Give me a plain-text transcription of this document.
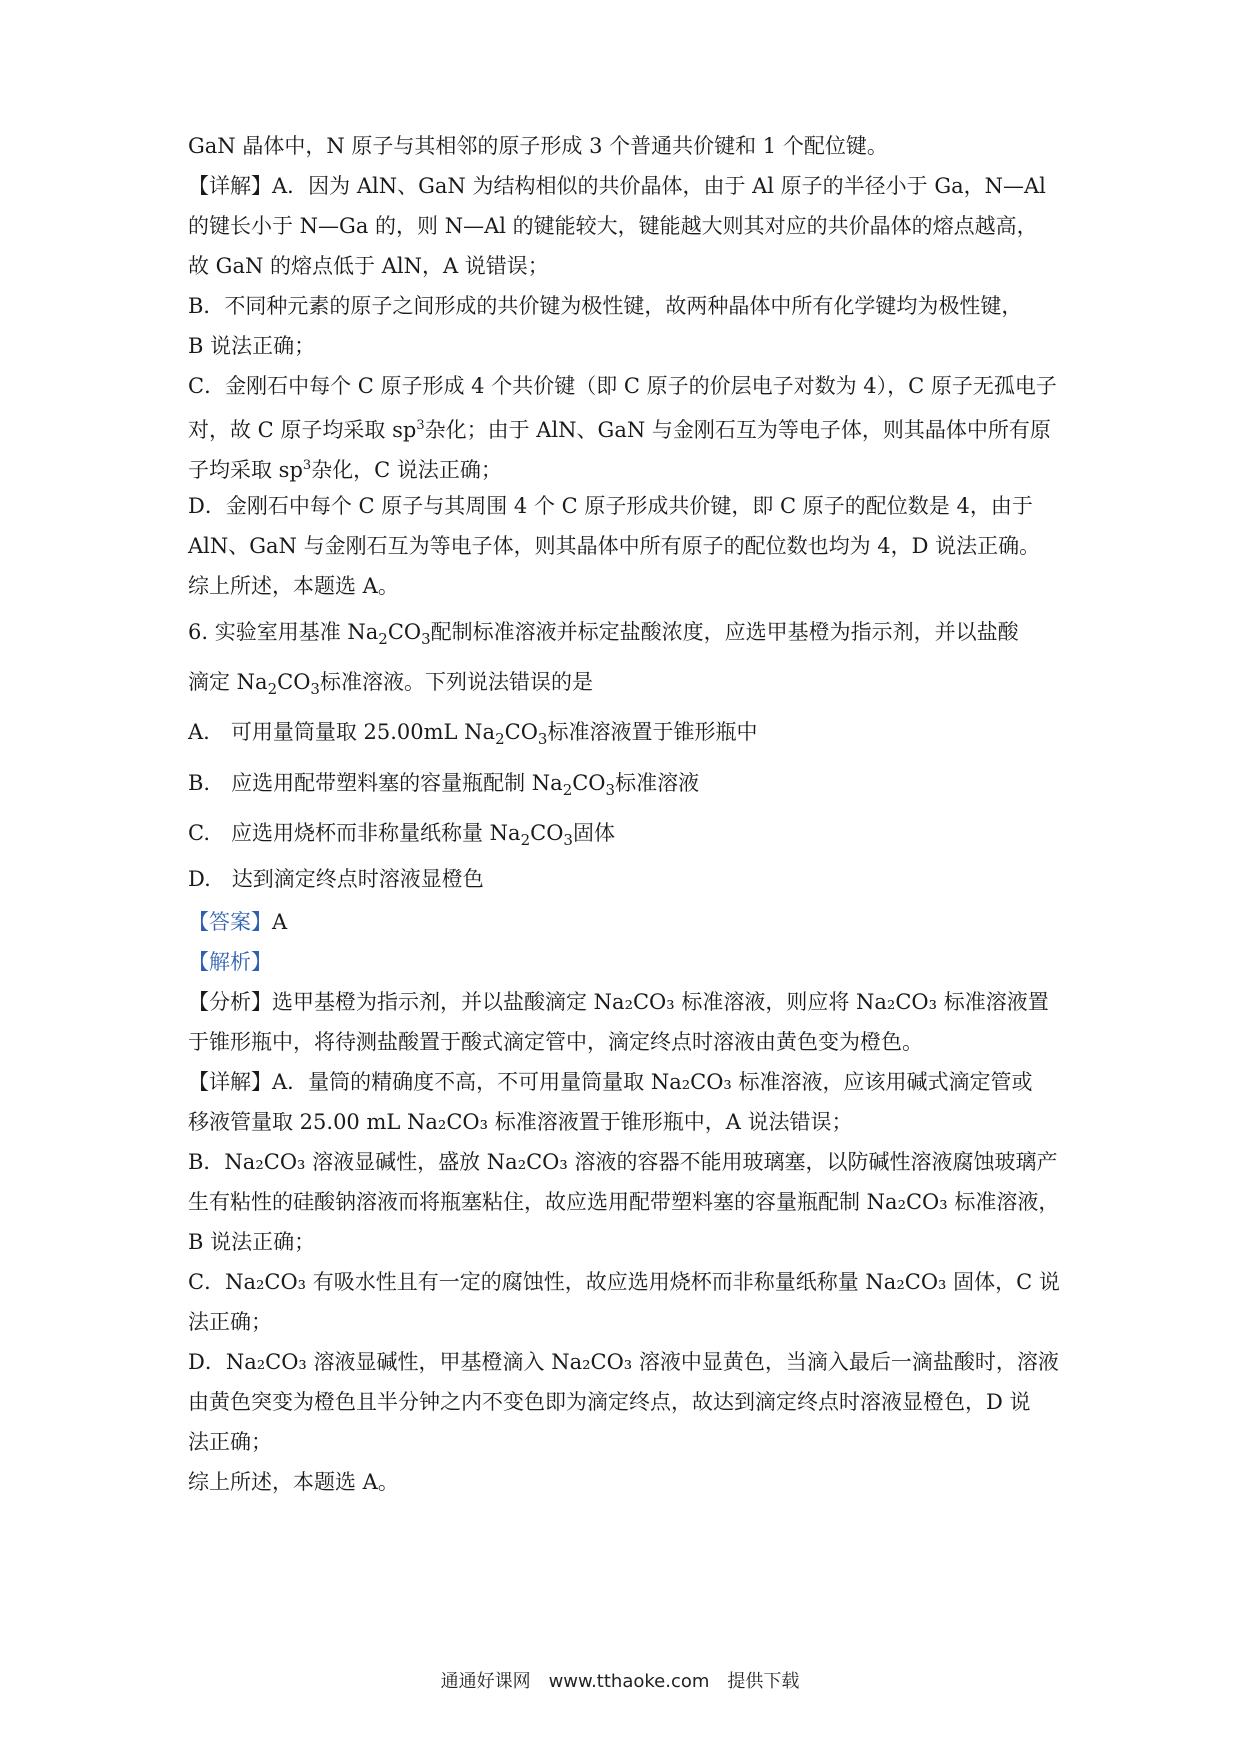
GaN 晶体中，N 原子与其相邻的原子形成 3 个普通共价键和 1 个配位键。
【详解】A．因为 AlN、GaN 为结构相似的共价晶体，由于 Al 原子的半径小于 Ga，N—Al
的键长小于 N—Ga 的，则 N—Al 的键能较大，键能越大则其对应的共价晶体的熔点越高，
故 GaN 的熔点低于 AlN，A 说错误；
B．不同种元素的原子之间形成的共价键为极性键，故两种晶体中所有化学键均为极性键，
B 说法正确；
C．金刚石中每个 C 原子形成 4 个共价键（即 C 原子的价层电子对数为 4），C 原子无孤电子
对，故 C 原子均采取 $sp^3$杂化；由于 AlN、GaN 与金刚石互为等电子体，则其晶体中所有原
子均采取 $sp^3$杂化，C 说法正确；
D．金刚石中每个 C 原子与其周围 4 个 C 原子形成共价键，即 C 原子的配位数是 4，由于
AlN、GaN 与金刚石互为等电子体，则其晶体中所有原子的配位数也均为 4，D 说法正确。
综上所述，本题选 A。
6. 实验室用基准 $Na_2CO_3$配制标准溶液并标定盐酸浓度，应选甲基橙为指示剂，并以盐酸
滴定 $Na_2CO_3$标准溶液。下列说法错误的是
A.　可用量筒量取 25.00mL $Na_2CO_3$标准溶液置于锥形瓶中
B.　应选用配带塑料塞的容量瓶配制 $Na_2CO_3$标准溶液
C.　应选用烧杯而非称量纸称量 $Na_2CO_3$固体
D.　达到滴定终点时溶液显橙色
【答案】A
【解析】
【分析】选甲基橙为指示剂，并以盐酸滴定 Na₂CO₃ 标准溶液，则应将 Na₂CO₃ 标准溶液置
于锥形瓶中，将待测盐酸置于酸式滴定管中，滴定终点时溶液由黄色变为橙色。
【详解】A．量筒的精确度不高，不可用量筒量取 Na₂CO₃ 标准溶液，应该用碱式滴定管或
移液管量取 25.00 mL Na₂CO₃ 标准溶液置于锥形瓶中，A 说法错误；
B．Na₂CO₃ 溶液显碱性，盛放 Na₂CO₃ 溶液的容器不能用玻璃塞，以防碱性溶液腐蚀玻璃产
生有粘性的硅酸钠溶液而将瓶塞粘住，故应选用配带塑料塞的容量瓶配制 Na₂CO₃ 标准溶液，
B 说法正确；
C．Na₂CO₃ 有吸水性且有一定的腐蚀性，故应选用烧杯而非称量纸称量 Na₂CO₃ 固体，C 说
法正确；
D．Na₂CO₃ 溶液显碱性，甲基橙滴入 Na₂CO₃ 溶液中显黄色，当滴入最后一滴盐酸时，溶液
由黄色突变为橙色且半分钟之内不变色即为滴定终点，故达到滴定终点时溶液显橙色，D 说
法正确；
综上所述，本题选 A。
通通好课网　www.tthaoke.com　提供下载
